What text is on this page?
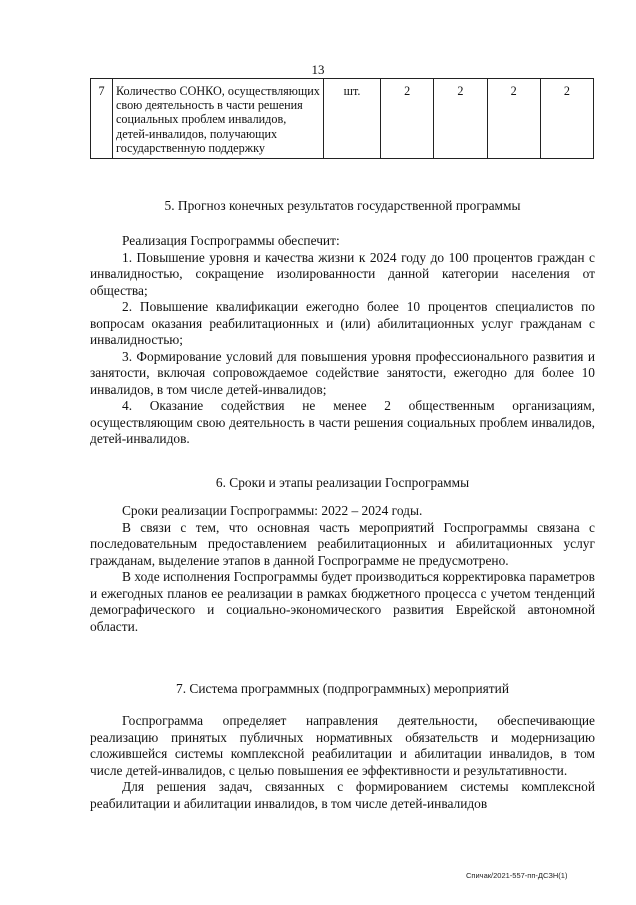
13
7	Количество СОНКО, осуществляющих свою деятельность в части решения социальных проблем инвалидов, детей-инвалидов, получающих государственную поддержку	шт.	2	2	2	2
5. Прогноз конечных результатов государственной программы

Реализация Госпрограммы обеспечит:

1. Повышение уровня и качества жизни к 2024 году до 100 процентов граждан с инвалидностью, сокращение изолированности данной категории населения от общества;

2. Повышение квалификации ежегодно более 10 процентов специалистов по вопросам оказания реабилитационных и (или) абилитационных услуг гражданам с инвалидностью;

3. Формирование условий для повышения уровня профессионального развития и занятости, включая сопровождаемое содействие занятости, ежегодно для более 10 инвалидов, в том числе детей-инвалидов;

4. Оказание содействия не менее 2 общественным организациям, осуществляющим свою деятельность в части решения социальных проблем инвалидов, детей-инвалидов.

6. Сроки и этапы реализации Госпрограммы

Сроки реализации Госпрограммы: 2022 – 2024 годы.

В связи с тем, что основная часть мероприятий Госпрограммы связана с последовательным предоставлением реабилитационных и абилитационных услуг гражданам, выделение этапов в данной Госпрограмме не предусмотрено.

В ходе исполнения Госпрограммы будет производиться корректировка параметров и ежегодных планов ее реализации в рамках бюджетного процесса с учетом тенденций демографического и социально-экономического развития Еврейской автономной области.

7. Система программных (подпрограммных) мероприятий

Госпрограмма определяет направления деятельности, обеспечивающие реализацию принятых публичных нормативных обязательств и модернизацию сложившейся системы комплексной реабилитации и абилитации инвалидов, в том числе детей-инвалидов, с целью повышения ее эффективности и результативности.

Для решения задач, связанных с формированием системы комплексной реабилитации и абилитации инвалидов, в том числе детей-инвалидов

Спичак/2021-557-пп-ДСЗН(1)
